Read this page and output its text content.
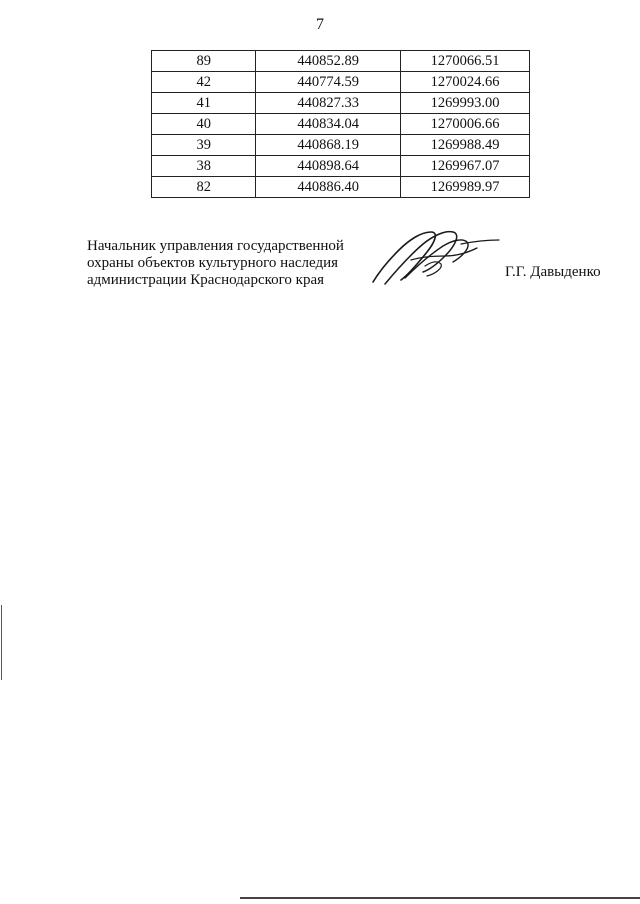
7
89	440852.89	1270066.51
42	440774.59	1270024.66
41	440827.33	1269993.00
40	440834.04	1270006.66
39	440868.19	1269988.49
38	440898.64	1269967.07
82	440886.40	1269989.97
Начальник управления государственной
охраны объектов культурного наследия
администрации Краснодарского края	Г.Г. Давыденко
